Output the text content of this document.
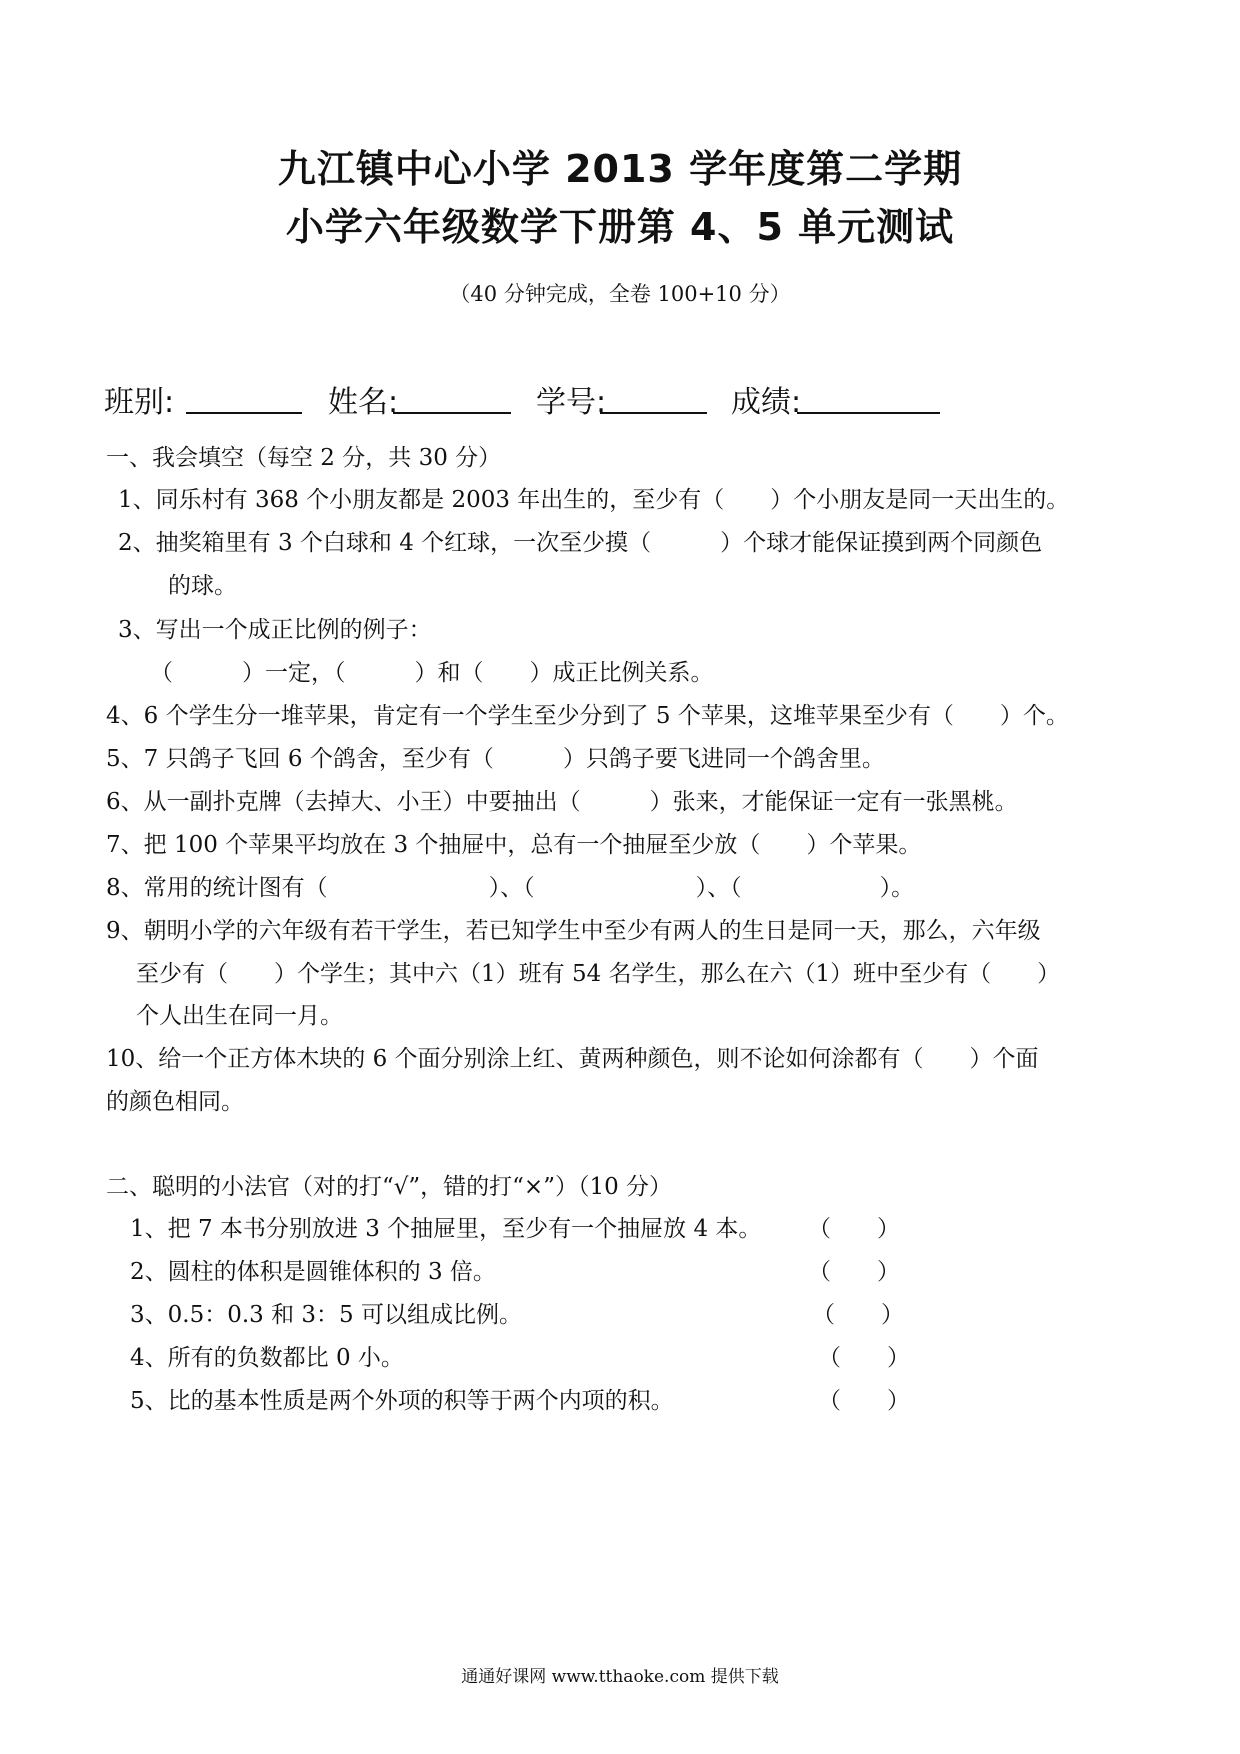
九江镇中心小学 2013 学年度第二学期
小学六年级数学下册第 4、5 单元测试
（40 分钟完成，全卷 100+10 分）
班别:	姓名:	学号:	成绩:
一、我会填空（每空 2 分，共 30 分）
1、同乐村有 368 个小朋友都是 2003 年出生的，至少有（　　）个小朋友是同一天出生的。
2、抽奖箱里有 3 个白球和 4 个红球，一次至少摸（　　　）个球才能保证摸到两个同颜色
的球。
3、写出一个成正比例的例子：
（　　　）一定，（　　　）和（　　）成正比例关系。
4、6 个学生分一堆苹果，肯定有一个学生至少分到了 5 个苹果，这堆苹果至少有（　　）个。
5、7 只鸽子飞回 6 个鸽舍，至少有（　　　）只鸽子要飞进同一个鸽舍里。
6、从一副扑克牌（去掉大、小王）中要抽出（　　　）张来，才能保证一定有一张黑桃。
7、把 100 个苹果平均放在 3 个抽屉中，总有一个抽屉至少放（　　）个苹果。
8、常用的统计图有（　　　　　　　）、（　　　　　　　）、（　　　　　　）。
9、朝明小学的六年级有若干学生，若已知学生中至少有两人的生日是同一天，那么，六年级
至少有（　　）个学生；其中六（1）班有 54 名学生，那么在六（1）班中至少有（　　）
个人出生在同一月。
10、给一个正方体木块的 6 个面分别涂上红、黄两种颜色，则不论如何涂都有（　　）个面
的颜色相同。
二、聪明的小法官（对的打“√”，错的打“×”）（10 分）
1、把 7 本书分别放进 3 个抽屉里，至少有一个抽屉放 4 本。 （　　）
2、圆柱的体积是圆锥体积的 3 倍。	（　　）
3、0.5：0.3 和 3：5 可以组成比例。	（　　）
4、所有的负数都比 0 小。	（　　）
5、比的基本性质是两个外项的积等于两个内项的积。	（　　）
通通好课网 www.tthaoke.com 提供下载
